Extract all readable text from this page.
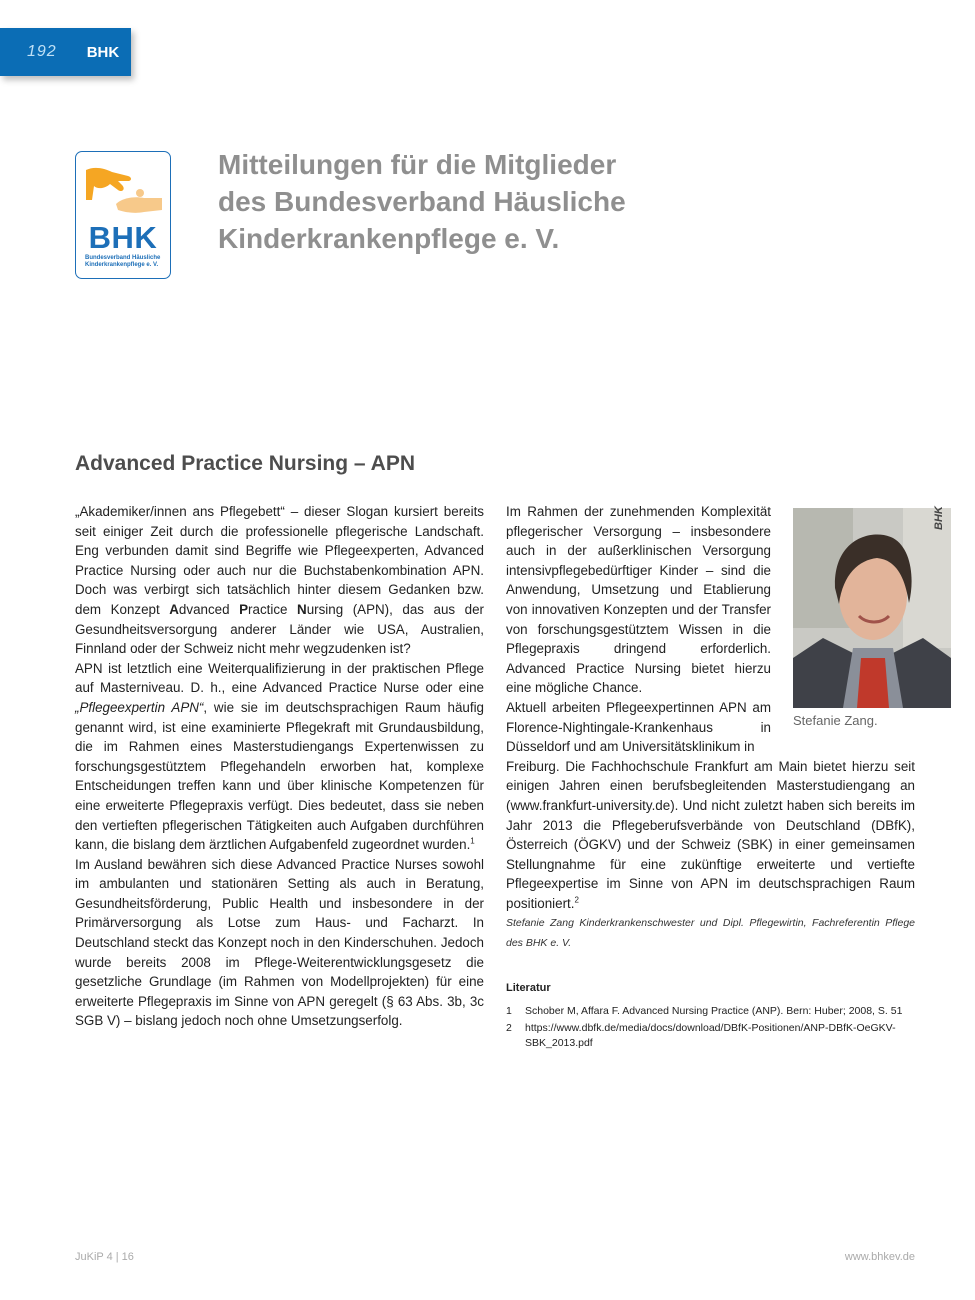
192 BHK
BHK
Bundesverband Häusliche Kinderkrankenpflege e. V.
Mitteilungen für die Mitglieder
des Bundesverband Häusliche
Kinderkrankenpflege e. V.
Advanced Practice Nursing – APN

„Akademiker/innen ans Pflegebett“ – dieser Slogan kursiert bereits seit einiger Zeit durch die professionelle pflegerische Landschaft. Eng verbunden damit sind Begriffe wie Pflegeexperten, Advanced Practice Nursing oder auch nur die Buchstabenkombination APN. Doch was verbirgt sich tatsächlich hinter diesem Gedanken bzw. dem Konzept Advanced Practice Nursing (APN), das aus der Gesundheitsversorgung anderer Länder wie USA, Australien, Finnland oder der Schweiz nicht mehr wegzudenken ist?

APN ist letztlich eine Weiterqualifizierung in der praktischen Pflege auf Masterniveau. D. h., eine Advanced Practice Nurse oder eine „Pflegeexpertin APN“, wie sie im deutschsprachigen Raum häufig genannt wird, ist eine examinierte Pflegekraft mit Grundausbildung, die im Rahmen eines Masterstudiengangs Expertenwissen zu forschungsgestütztem Pflegehandeln erworben hat, komplexe Entscheidungen treffen kann und über klinische Kompetenzen für eine erweiterte Pflegepraxis verfügt. Dies bedeutet, dass sie neben den vertieften pflegerischen Tätigkeiten auch Aufgaben durchführen kann, die bislang dem ärztlichen Aufgabenfeld zugeordnet wurden.$^1$

Im Ausland bewähren sich diese Advanced Practice Nurses sowohl im ambulanten und stationären Setting als auch in Beratung, Gesundheitsförderung, Public Health und insbesondere in der Primärversorgung als Lotse zum Haus- und Facharzt. In Deutschland steckt das Konzept noch in den Kinderschuhen. Jedoch wurde bereits 2008 im Pflege-Weiterentwicklungsgesetz die gesetzliche Grundlage (im Rahmen von Modellprojekten) für eine erweiterte Pflegepraxis im Sinne von APN geregelt (§ 63 Abs. 3b, 3c SGB V) – bislang jedoch noch ohne Umsetzungserfolg.

Im Rahmen der zunehmenden Komplexität pflegerischer Versorgung – insbesondere auch in der außerklinischen Versorgung intensivpflegebedürftiger Kinder – sind die Anwendung, Umsetzung und Etablierung von innovativen Konzepten und der Transfer von forschungsgestütztem Wissen in die Pflegepraxis dringend erforderlich. Advanced Practice Nursing bietet hierzu eine mögliche Chance.

Aktuell arbeiten Pflegeexpertinnen APN am Florence-Nightingale-Krankenhaus in Düsseldorf und am Universitätsklinikum in

Freiburg. Die Fachhochschule Frankfurt am Main bietet hierzu seit einigen Jahren einen berufsbegleitenden Masterstudiengang an (www.frankfurt-university.de). Und nicht zuletzt haben sich bereits im Jahr 2013 die Pflegeberufsverbände von Deutschland (DBfK), Österreich (ÖGKV) und der Schweiz (SBK) in einer gemeinsamen Stellungnahme für eine zukünftige erweiterte und vertiefte Pflegeexpertise im Sinne von APN im deutschsprachigen Raum positioniert.$^2$

Stefanie Zang Kinderkrankenschwester und Dipl. Pflegewirtin, Fachreferentin Pflege des BHK e. V.
Stefanie Zang.
BHK
Literatur
1	Schober M, Affara F. Advanced Nursing Practice (ANP). Bern: Huber; 2008, S. 51
2	https://www.dbfk.de/media/docs/download/DBfK-Positionen/ANP-DBfK-OeGKV-SBK_2013.pdf
JuKiP 4 | 16	www.bhkev.de
